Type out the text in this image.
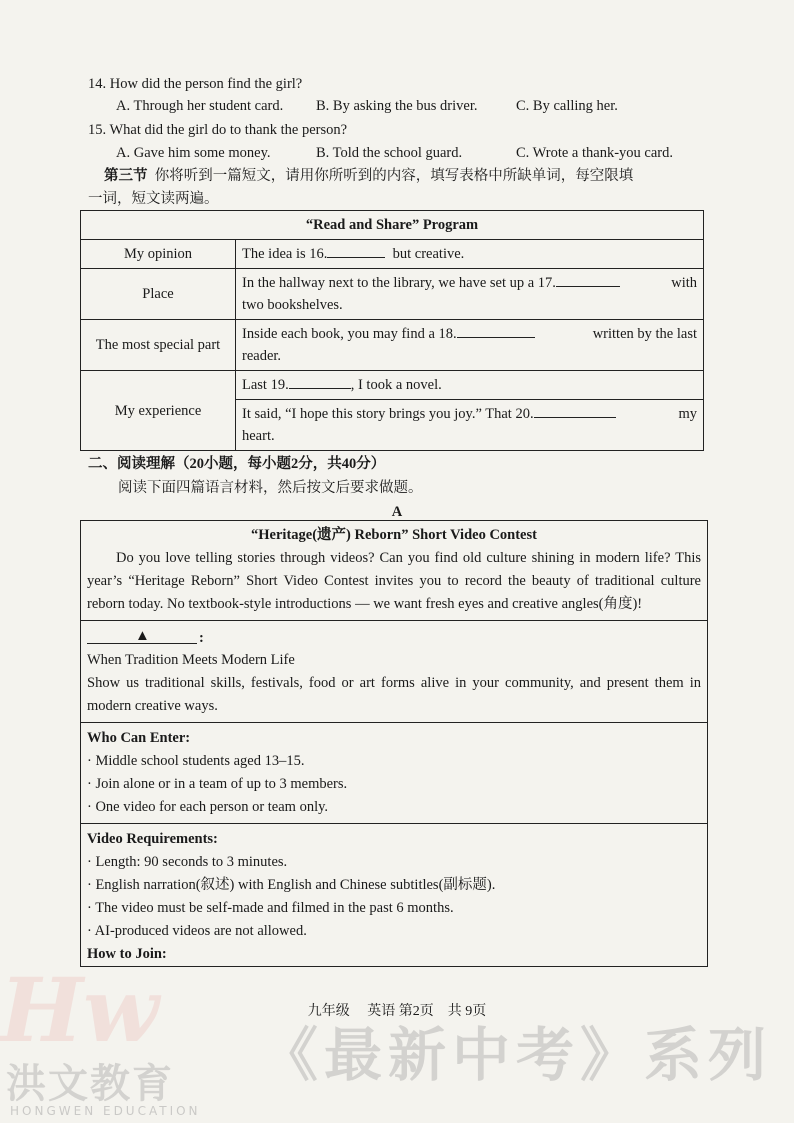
Hw
14. How did the person find the girl?
A. Through her student card. B. By asking the bus driver.	C. By calling her.
15. What did the girl do to thank the person?
A. Gave him some money.	B. Told the school guard.	C. Wrote a thank-you card.
第三节 你将听到一篇短文，请用你所听到的内容，填写表格中所缺单词，每空限填
一词，短文读两遍。
“Read and Share” Program	
My opinion	The idea is 16. but creative.
Place	In the hallway next to the library, we have set up a 17. with
two bookshelves.

The most special part	Inside each book, you may find a 18. written by the last
reader.

My experience	Last 19. , I took a novel.

	It said, “I hope this story brings you joy.” That 20. my
heart.
二、阅读理解（20小题，每小题2分，共40分）
阅读下面四篇语言材料，然后按文后要求做题。
A
“Heritage(遗产) Reborn” Short Video Contest
Do you love telling stories through videos? Can you find old culture shining in modern life? This year’s “Heritage Reborn” Short Video Contest invites you to record the beauty of traditional culture reborn today. No textbook-style introductions — we want fresh eyes and creative angles(角度)!
▲	:
When Tradition Meets Modern Life
Show us traditional skills, festivals, food or art forms alive in your community, and present them in modern creative ways.
Who Can Enter:
· Middle school students aged 13–15.
· Join alone or in a team of up to 3 members.
· One video for each person or team only.
Video Requirements:
· Length: 90 seconds to 3 minutes.
· English narration(叙述) with English and Chinese subtitles(副标题).
· The video must be self-made and filmed in the past 6 months.
· AI-produced videos are not allowed.
How to Join:
九年级　 英语 第2页　共 9页
《最新中考》系列
洪文教育
HONGWEN EDUCATION
